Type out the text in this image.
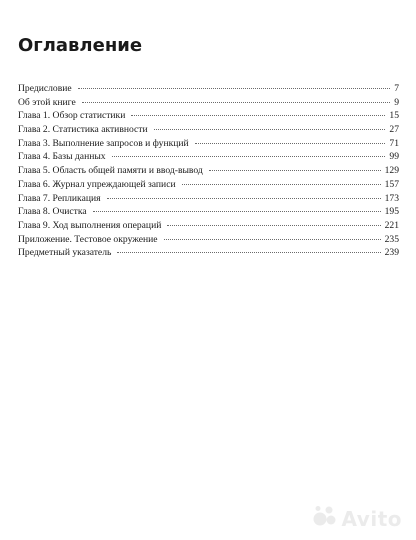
Оглавление
Предисловие	7
Об этой книге	9
Глава 1. Обзор статистики	15
Глава 2. Статистика активности	27
Глава 3. Выполнение запросов и функций	71
Глава 4. Базы данных	99
Глава 5. Область общей памяти и ввод-вывод	129
Глава 6. Журнал упреждающей записи	157
Глава 7. Репликация	173
Глава 8. Очистка	195
Глава 9. Ход выполнения операций	221
Приложение. Тестовое окружение	235
Предметный указатель	239
Avito
